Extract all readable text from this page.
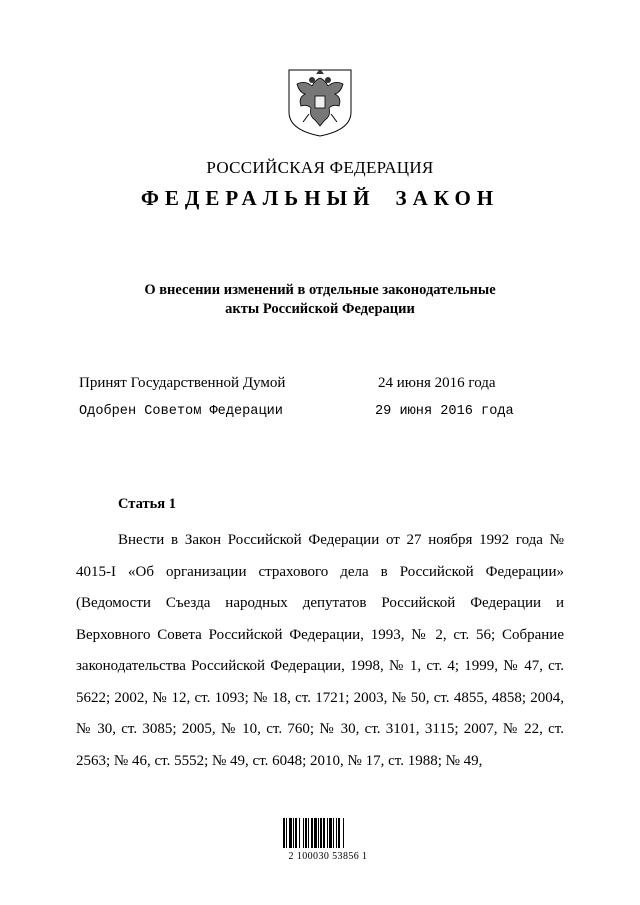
РОССИЙСКАЯ ФЕДЕРАЦИЯ
ФЕДЕРАЛЬНЫЙ ЗАКОН
О внесении изменений в отдельные законодательные
акты Российской Федерации
Принят Государственной Думой	24 июня 2016 года
Одобрен Советом Федерации	29 июня 2016 года
Статья 1
Внести в Закон Российской Федерации от 27 ноября 1992 года № 4015-I «Об организации страхового дела в Российской Федерации» (Ведомости Съезда народных депутатов Российской Федерации и Верховного Совета Российской Федерации, 1993, № 2, ст. 56; Собрание законодательства Российской Федерации, 1998, № 1, ст. 4; 1999, № 47, ст. 5622; 2002, № 12, ст. 1093; № 18, ст. 1721; 2003, № 50, ст. 4855, 4858; 2004, № 30, ст. 3085; 2005, № 10, ст. 760; № 30, ст. 3101, 3115; 2007, № 22, ст. 2563; № 46, ст. 5552; № 49, ст. 6048; 2010, № 17, ст. 1988; № 49,
2 100030 53856 1
